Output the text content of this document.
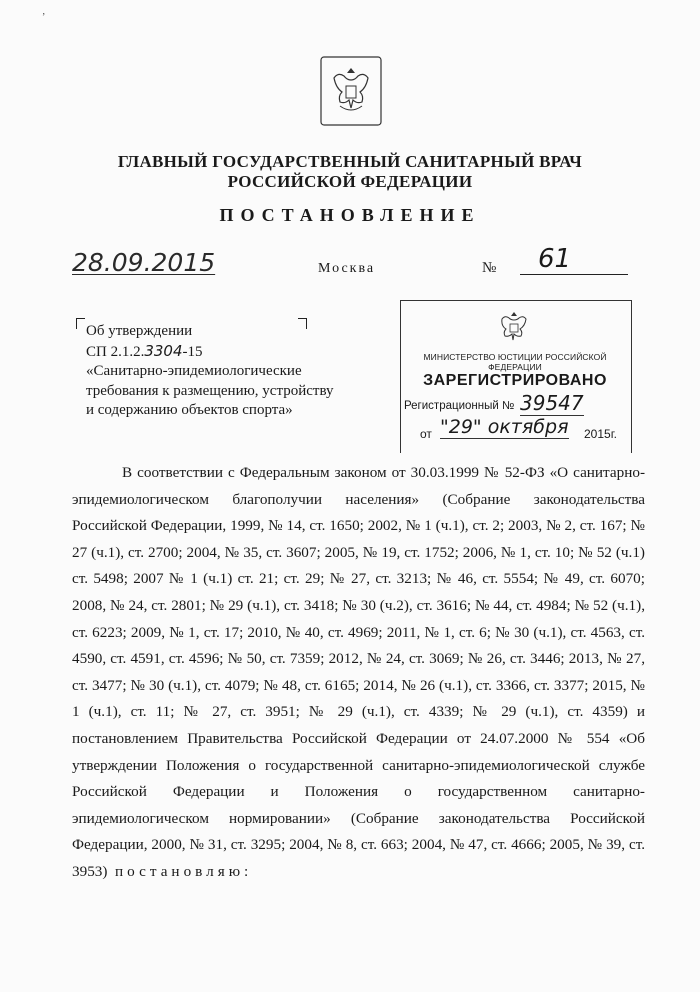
ʼ
ГЛАВНЫЙ ГОСУДАРСТВЕННЫЙ САНИТАРНЫЙ ВРАЧ
РОССИЙСКОЙ ФЕДЕРАЦИИ
ПОСТАНОВЛЕНИЕ
28.09.2015	Москва	№ 61
Об утверждении
СП 2.1.2.3304-15
«Санитарно-эпидемиологические
требования к размещению, устройству
и содержанию объектов спорта»
МИНИСТЕРСТВО ЮСТИЦИИ РОССИЙСКОЙ ФЕДЕРАЦИИ
ЗАРЕГИСТРИРОВАНО
Регистрационный № 39547
от "29" октября 2015г.

В соответствии с Федеральным законом от 30.03.1999 № 52-ФЗ «О санитарно-эпидемиологическом благополучии населения» (Собрание законодательства Российской Федерации, 1999, № 14, ст. 1650; 2002, № 1 (ч.1), ст. 2; 2003, № 2, ст. 167; № 27 (ч.1), ст. 2700; 2004, № 35, ст. 3607; 2005, № 19, ст. 1752; 2006, № 1, ст. 10; № 52 (ч.1) ст. 5498; 2007 № 1 (ч.1) ст. 21; ст. 29; № 27, ст. 3213; № 46, ст. 5554; № 49, ст. 6070; 2008, № 24, ст. 2801; № 29 (ч.1), ст. 3418; № 30 (ч.2), ст. 3616; № 44, ст. 4984; № 52 (ч.1), ст. 6223; 2009, № 1, ст. 17; 2010, № 40, ст. 4969; 2011, № 1, ст. 6; № 30 (ч.1), ст. 4563, ст. 4590, ст. 4591, ст. 4596; № 50, ст. 7359; 2012, № 24, ст. 3069; № 26, ст. 3446; 2013, № 27, ст. 3477; № 30 (ч.1), ст. 4079; № 48, ст. 6165; 2014, № 26 (ч.1), ст. 3366, ст. 3377; 2015, № 1 (ч.1), ст. 11; № 27, ст. 3951; № 29 (ч.1), ст. 4339; № 29 (ч.1), ст. 4359) и постановлением Правительства Российской Федерации от 24.07.2000 № 554 «Об утверждении Положения о государственной санитарно-эпидемиологической службе Российской Федерации и Положения о государственном санитарно-эпидемиологическом нормировании» (Собрание законодательства Российской Федерации, 2000, № 31, ст. 3295; 2004, № 8, ст. 663; 2004, № 47, ст. 4666; 2005, № 39, ст. 3953) постановляю:
